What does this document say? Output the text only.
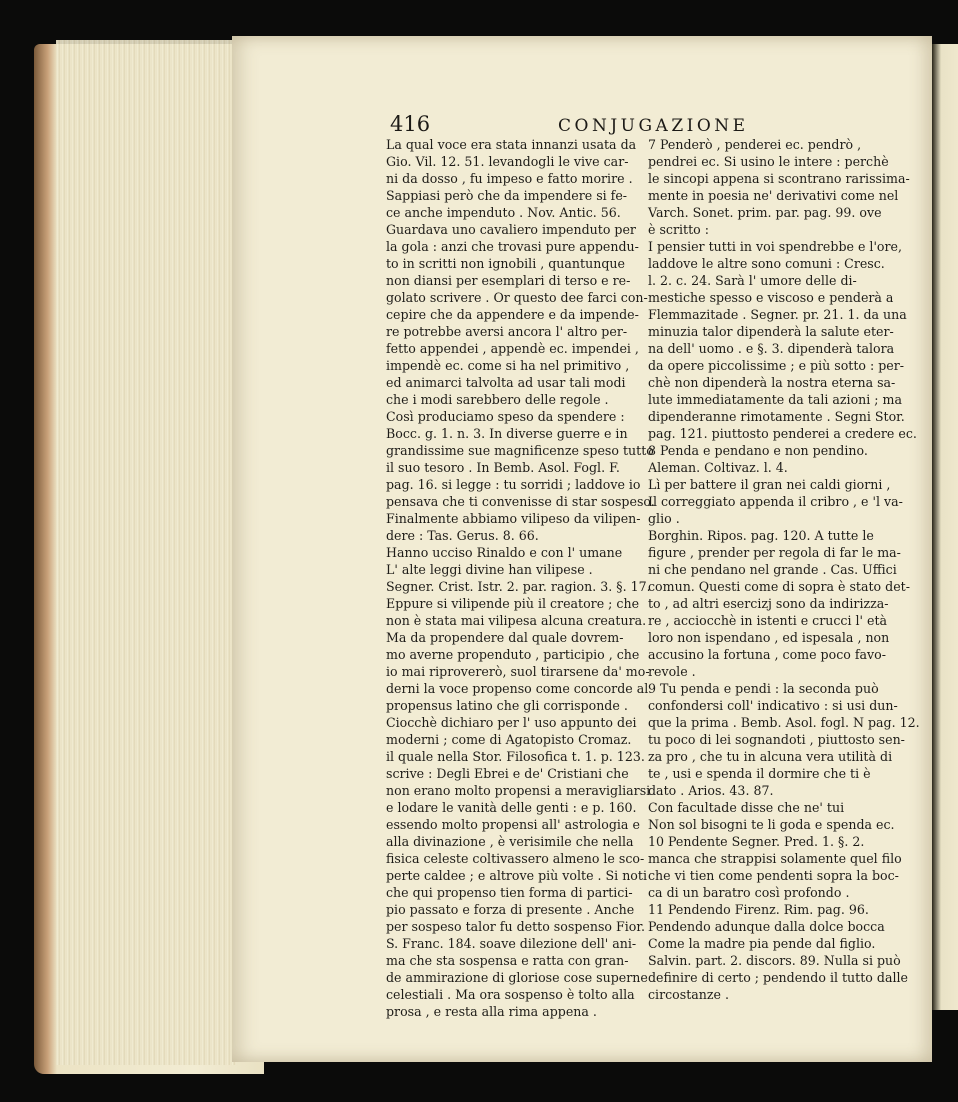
416	CONJUGAZIONE
La qual voce era stata innanzi usata da
Gio. Vil. 12. 51. levandogli le vive car-
ni da dosso , fu impeso e fatto morire .
Sappiasi però che da impendere si fe-
ce anche impenduto . Nov. Antic. 56.
Guardava uno cavaliero impenduto per
la gola : anzi che trovasi pure appendu-
to in scritti non ignobili , quantunque
non diansi per esemplari di terso e re-
golato scrivere . Or questo dee farci con-
cepire che da appendere e da impende-
re potrebbe aversi ancora l' altro per-
fetto appendei , appendè ec. impendei ,
impendè ec. come si ha nel primitivo ,
ed animarci talvolta ad usar tali modi
che i modi sarebbero delle regole .
Così produciamo speso da spendere :
Bocc. g. 1. n. 3. In diverse guerre e in
grandissime sue magnificenze speso tutto
il suo tesoro . In Bemb. Asol. Fogl. F.
pag. 16. si legge : tu sorridi ; laddove io
pensava che ti convenisse di star sospeso.
Finalmente abbiamo vilipeso da vilipen-
dere : Tas. Gerus. 8. 66.
Hanno ucciso Rinaldo e con l' umane
L' alte leggi divine han vilipese .
Segner. Crist. Istr. 2. par. ragion. 3. §. 17.
Eppure si vilipende più il creatore ; che
non è stata mai vilipesa alcuna creatura.
Ma da propendere dal quale dovrem-
mo averne propenduto , participio , che
io mai riprovererò, suol tirarsene da' mo-
derni la voce propenso come concorde al
propensus latino che gli corrisponde .
Ciocchè dichiaro per l' uso appunto dei
moderni ; come di Agatopisto Cromaz.
il quale nella Stor. Filosofica t. 1. p. 123.
scrive : Degli Ebrei e de' Cristiani che
non erano molto propensi a meravigliarsi
e lodare le vanità delle genti : e p. 160.
essendo molto propensi all' astrologia e
alla divinazione , è verisimile che nella
fisica celeste coltivassero almeno le sco-
perte caldee ; e altrove più volte . Si noti
che qui propenso tien forma di partici-
pio passato e forza di presente . Anche
per sospeso talor fu detto sospenso Fior.
S. Franc. 184. soave dilezione dell' ani-
ma che sta sospensa e ratta con gran-
de ammirazione di gloriose cose superne
celestiali . Ma ora sospenso è tolto alla
prosa , e resta alla rima appena .
7 Penderò , penderei ec. pendrò ,
pendrei ec. Si usino le intere : perchè
le sincopi appena si scontrano rarissima-
mente in poesia ne' derivativi come nel
Varch. Sonet. prim. par. pag. 99. ove
è scritto :
I pensier tutti in voi spendrebbe e l'ore,
laddove le altre sono comuni : Cresc.
l. 2. c. 24. Sarà l' umore delle di-
mestiche spesso e viscoso e penderà a
Flemmazitade . Segner. pr. 21. 1. da una
minuzia talor dipenderà la salute eter-
na dell' uomo . e §. 3. dipenderà talora
da opere piccolissime ; e più sotto : per-
chè non dipenderà la nostra eterna sa-
lute immediatamente da tali azioni ; ma
dipenderanne rimotamente . Segni Stor.
pag. 121. piuttosto penderei a credere ec.
8 Penda e pendano e non pendino.
Aleman. Coltivaz. l. 4.
Lì per battere il gran nei caldi giorni ,
Il correggiato appenda il cribro , e 'l va-
glio .
Borghin. Ripos. pag. 120. A tutte le
figure , prender per regola di far le ma-
ni che pendano nel grande . Cas. Uffici
comun. Questi come di sopra è stato det-
to , ad altri esercizj sono da indirizza-
re , acciocchè in istenti e crucci l' età
loro non ispendano , ed ispesala , non
accusino la fortuna , come poco favo-
revole .
9 Tu penda e pendi : la seconda può
confondersi coll' indicativo : si usi dun-
que la prima . Bemb. Asol. fogl. N pag. 12.
tu poco di lei sognandoti , piuttosto sen-
za pro , che tu in alcuna vera utilità di
te , usi e spenda il dormire che ti è
dato . Arios. 43. 87.
Con facultade disse che ne' tui
Non sol bisogni te li goda e spenda ec.
10 Pendente Segner. Pred. 1. §. 2.
manca che strappisi solamente quel filo
che vi tien come pendenti sopra la boc-
ca di un baratro così profondo .
11 Pendendo Firenz. Rim. pag. 96.
Pendendo adunque dalla dolce bocca
Come la madre pia pende dal figlio.
Salvin. part. 2. discors. 89. Nulla si può
definire di certo ; pendendo il tutto dalle
circostanze .
